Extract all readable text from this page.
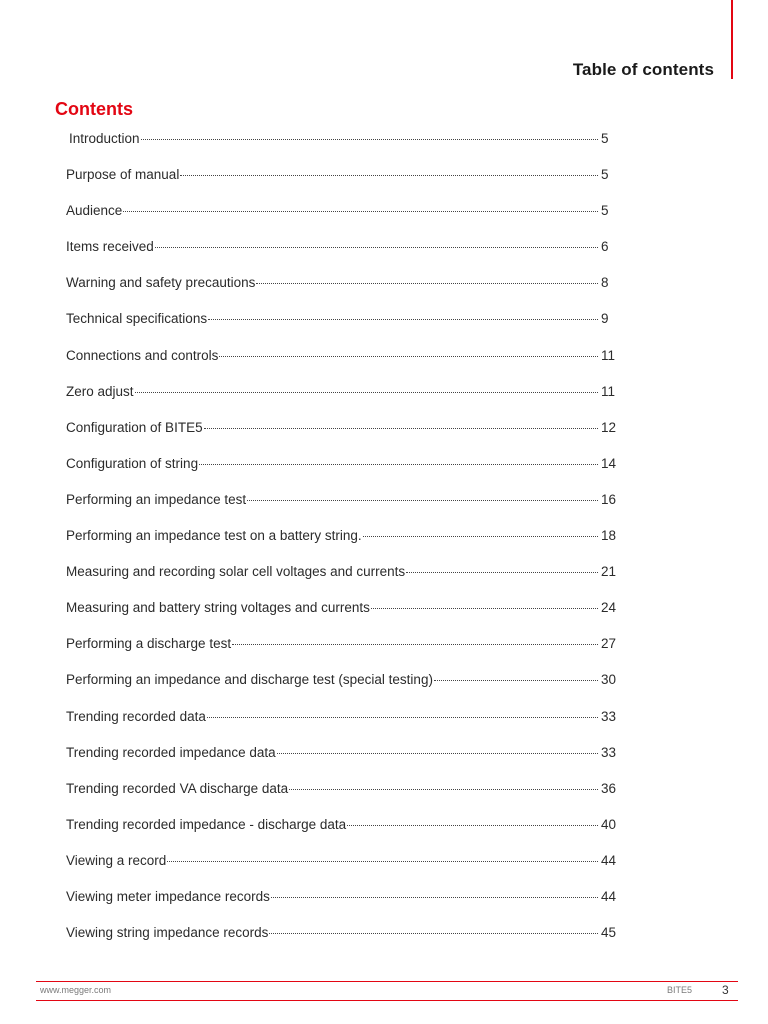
Table of contents
Contents
Introduction	5
Purpose of manual	5
Audience	5
Items received	6
Warning and safety precautions	8
Technical specifications	9
Connections and controls	11
Zero adjust	11
Configuration of BITE5	12
Configuration of string	14
Performing an impedance test	16
Performing an impedance test on a battery string.	18
Measuring and recording solar cell voltages and currents	21
Measuring and battery string voltages and currents	24
Performing a discharge test	27
Performing an impedance and discharge test (special testing)	30
Trending recorded data	33
Trending recorded impedance data	33
Trending recorded VA discharge data	36
Trending recorded impedance - discharge data	40
Viewing a record	44
Viewing meter impedance records	44
Viewing string impedance records	45
www.megger.com	BITE5 3
